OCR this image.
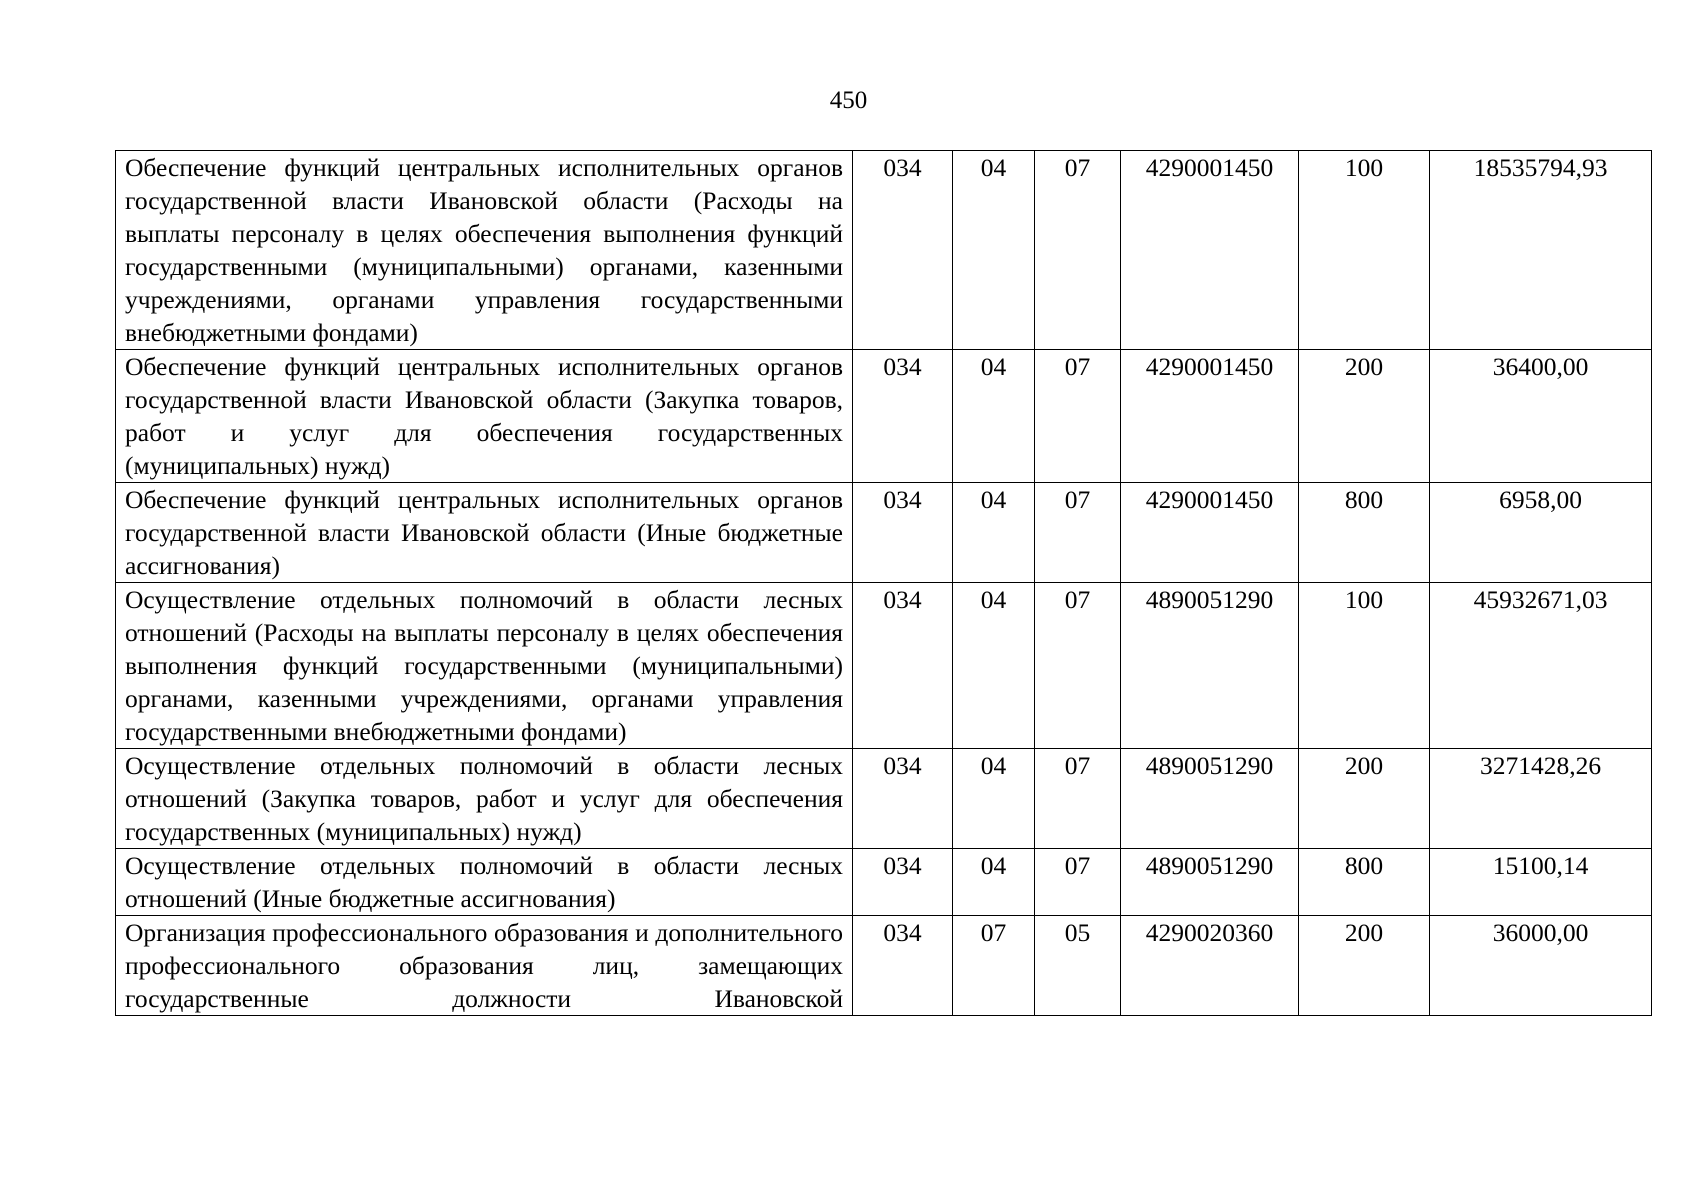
450
Обеспечение функций центральных исполнительных органов государственной власти Ивановской области (Расходы на выплаты персоналу в целях обеспечения выполнения функций государственными (муниципальными) органами, казенными учреждениями, органами управления государственными внебюджетными фондами)	034	04	07	4290001450	100	18535794,93
Обеспечение функций центральных исполнительных органов государственной власти Ивановской области (Закупка товаров, работ и услуг для обеспечения государственных (муниципальных) нужд)	034	04	07	4290001450	200	36400,00
Обеспечение функций центральных исполнительных органов государственной власти Ивановской области (Иные бюджетные ассигнования)	034	04	07	4290001450	800	6958,00
Осуществление отдельных полномочий в области лесных отношений (Расходы на выплаты персоналу в целях обеспечения выполнения функций государственными (муниципальными) органами, казенными учреждениями, органами управления государственными внебюджетными фондами)	034	04	07	4890051290	100	45932671,03
Осуществление отдельных полномочий в области лесных отношений (Закупка товаров, работ и услуг для обеспечения государственных (муниципальных) нужд)	034	04	07	4890051290	200	3271428,26
Осуществление отдельных полномочий в области лесных отношений (Иные бюджетные ассигнования)	034	04	07	4890051290	800	15100,14
Организация профессионального образования и дополнительного профессионального образования лиц, замещающих государственные должности Ивановской	034	07	05	4290020360	200	36000,00
